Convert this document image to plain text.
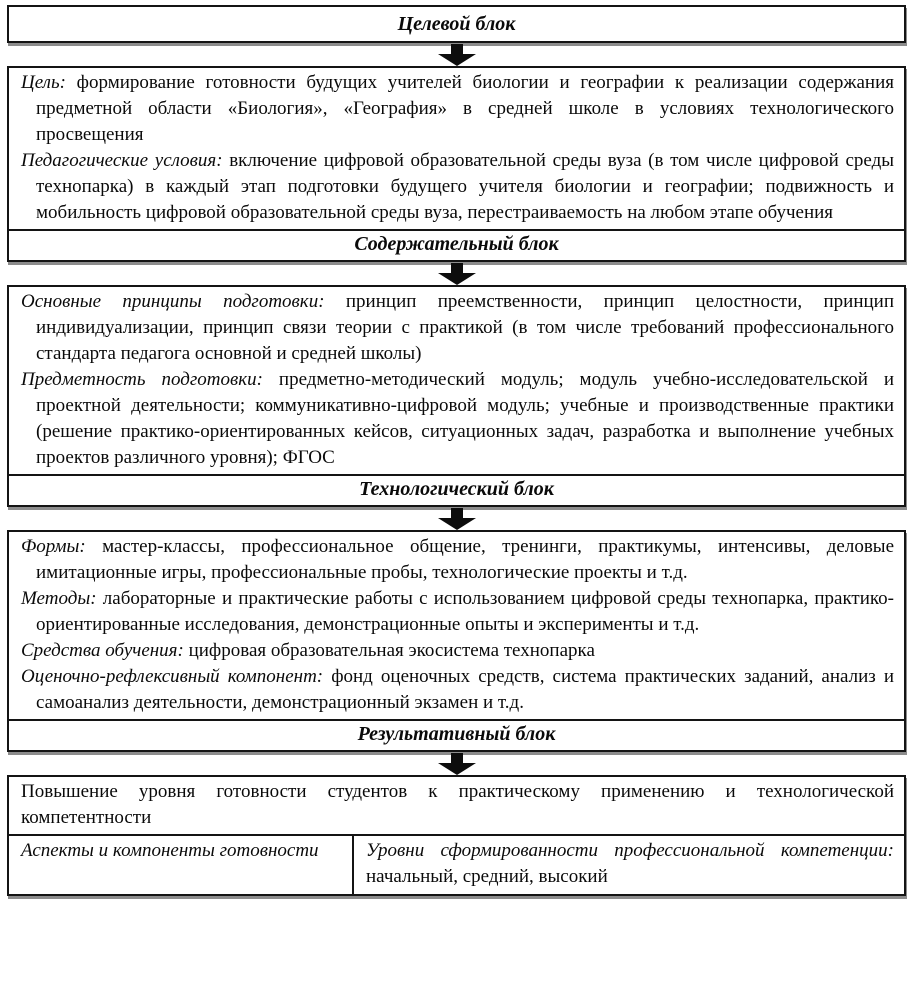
Целевой блок

Цель: формирование готовности будущих учителей биологии и географии к реализации содержания предметной области «Биология», «География» в средней школе в условиях технологического просвещения

Педагогические условия: включение цифровой образовательной среды вуза (в том числе цифровой среды технопарка) в каждый этап подготовки будущего учителя биологии и географии; подвижность и мобильность цифровой образовательной среды вуза, перестраиваемость на любом этапе обучения

Содержательный блок

Основные принципы подготовки: принцип преемственности, принцип целостности, принцип индивидуализации, принцип связи теории с практикой (в том числе требований профессионального стандарта педагога основной и средней школы)

Предметность подготовки: предметно-методический модуль; модуль учебно-исследовательской и проектной деятельности; коммуникативно-цифровой модуль; учебные и производственные практики (решение практико-ориентированных кейсов, ситуационных задач, разработка и выполнение учебных проектов различного уровня); ФГОС

Технологический блок

Формы: мастер-классы, профессиональное общение, тренинги, практикумы, интенсивы, деловые имитационные игры, профессиональные пробы, технологические проекты и т.д.

Методы: лабораторные и практические работы с использованием цифровой среды технопарка, практико-ориентированные исследования, демонстрационные опыты и эксперименты и т.д.

Средства обучения: цифровая образовательная экосистема технопарка

Оценочно-рефлексивный компонент: фонд оценочных средств, система практических заданий, анализ и самоанализ деятельности, демонстрационный экзамен и т.д.

Результативный блок

Повышение уровня готовности студентов к практическому применению и технологической компетентности

Аспекты и компоненты готовности	Уровни сформированности профессиональной компетенции: начальный, средний, высокий
